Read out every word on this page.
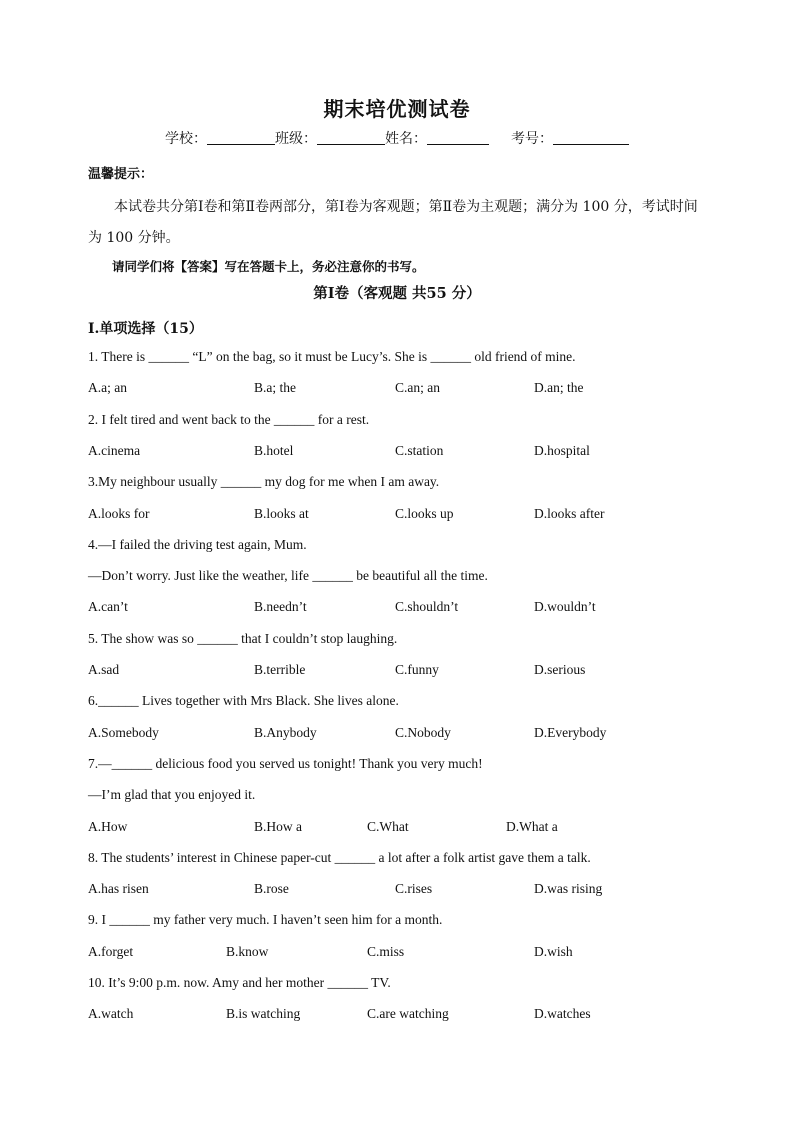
期末培优测试卷
学校：	班级：	姓名：	考号：
温馨提示：
本试卷共分第Ⅰ卷和第Ⅱ卷两部分，第Ⅰ卷为客观题；第Ⅱ卷为主观题；满分为 100 分，考试时间为 100 分钟。
请同学们将【答案】写在答题卡上，务必注意你的书写。
第Ⅰ卷（客观题 共55 分）
Ⅰ.单项选择（15）
1. There is ______ “L” on the bag, so it must be Lucy’s. She is ______ old friend of mine.
A.a; an	B.a; the	C.an; an	D.an; the
2. I felt tired and went back to the ______ for a rest.
A.cinema	B.hotel	C.station	D.hospital
3.My neighbour usually ______ my dog for me when I am away.
A.looks for	B.looks at	C.looks up	D.looks after
4.—I failed the driving test again, Mum.
—Don’t worry. Just like the weather, life ______ be beautiful all the time.
A.can’t	B.needn’t	C.shouldn’t	D.wouldn’t
5. The show was so ______ that I couldn’t stop laughing.
A.sad	B.terrible	C.funny	D.serious
6.______ Lives together with Mrs Black. She lives alone.
A.Somebody	B.Anybody	C.Nobody	D.Everybody
7.—______ delicious food you served us tonight! Thank you very much!
—I’m glad that you enjoyed it.
A.How	B.How a	C.What	D.What a
8. The students’ interest in Chinese paper-cut ______ a lot after a folk artist gave them a talk.
A.has risen	B.rose	C.rises	D.was rising
9. I ______ my father very much. I haven’t seen him for a month.
A.forget	B.know	C.miss	D.wish
10. It’s 9:00 p.m. now. Amy and her mother ______ TV.
A.watch	B.is watching	C.are watching	D.watches
